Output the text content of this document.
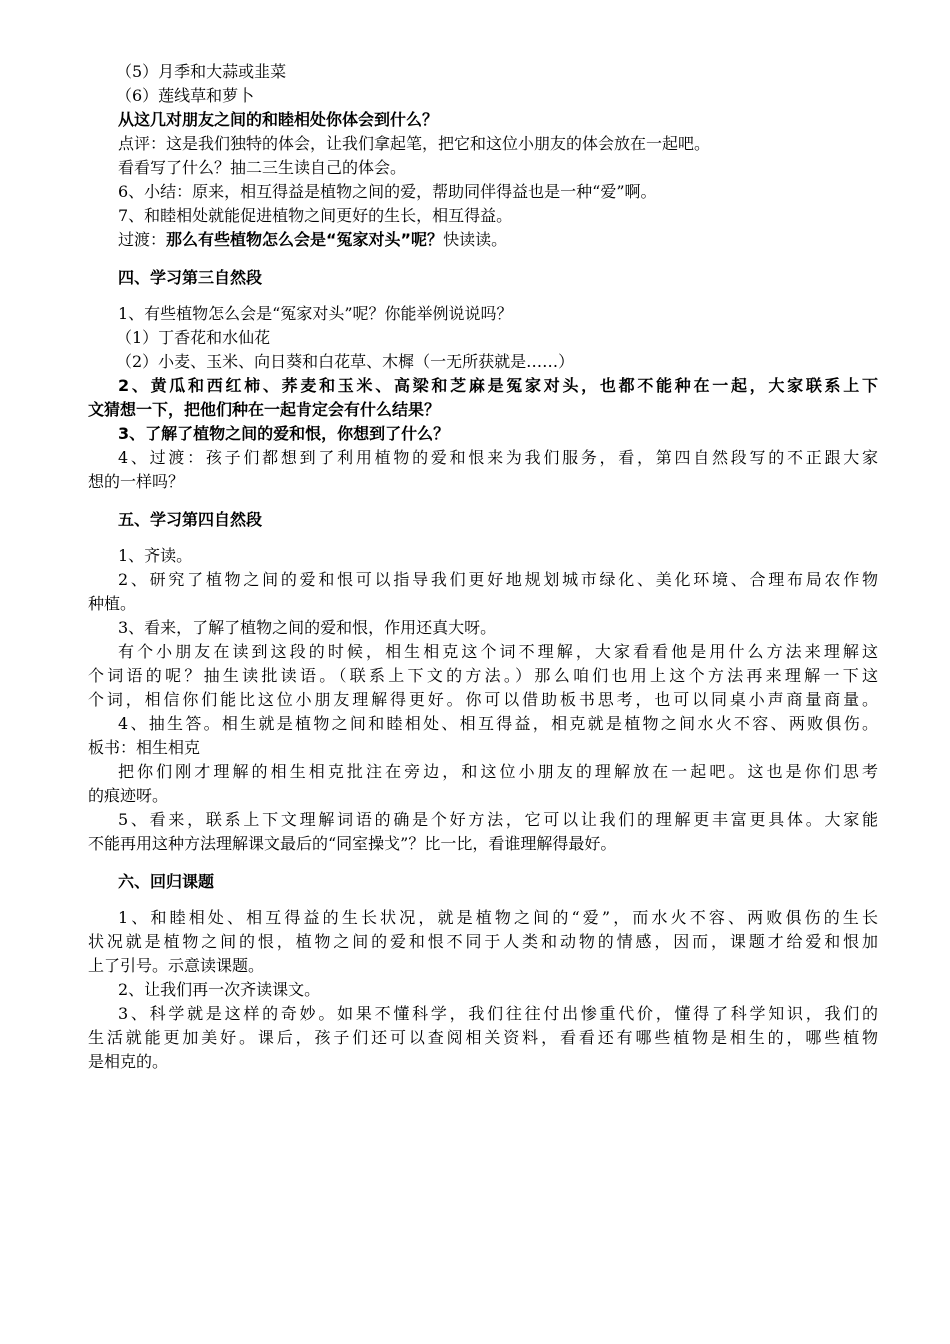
（5）月季和大蒜或韭菜

（6）莲线草和萝卜

从这几对朋友之间的和睦相处你体会到什么？

点评：这是我们独特的体会，让我们拿起笔，把它和这位小朋友的体会放在一起吧。

看看写了什么？抽二三生读自己的体会。

6、小结：原来，相互得益是植物之间的爱，帮助同伴得益也是一种“爱”啊。

7、和睦相处就能促进植物之间更好的生长，相互得益。

过渡：那么有些植物怎么会是“冤家对头”呢？快读读。

四、学习第三自然段

1、有些植物怎么会是“冤家对头”呢？你能举例说说吗？

（1）丁香花和水仙花

（2）小麦、玉米、向日葵和白花草、木樨（一无所获就是……）

2、黄瓜和西红柿、荞麦和玉米、高梁和芝麻是冤家对头，也都不能种在一起，大家联系上下

文猜想一下，把他们种在一起肯定会有什么结果？

3、了解了植物之间的爱和恨，你想到了什么？

4、过渡：孩子们都想到了利用植物的爱和恨来为我们服务，看，第四自然段写的不正跟大家

想的一样吗？

五、学习第四自然段

1、齐读。

2、研究了植物之间的爱和恨可以指导我们更好地规划城市绿化、美化环境、合理布局农作物

种植。

3、看来，了解了植物之间的爱和恨，作用还真大呀。

有个小朋友在读到这段的时候，相生相克这个词不理解，大家看看他是用什么方法来理解这

个词语的呢？抽生读批读语。（联系上下文的方法。）那么咱们也用上这个方法再来理解一下这

个词，相信你们能比这位小朋友理解得更好。你可以借助板书思考，也可以同桌小声商量商量。

4、抽生答。相生就是植物之间和睦相处、相互得益，相克就是植物之间水火不容、两败俱伤。

板书：相生相克

把你们刚才理解的相生相克批注在旁边，和这位小朋友的理解放在一起吧。这也是你们思考

的痕迹呀。

5、看来，联系上下文理解词语的确是个好方法，它可以让我们的理解更丰富更具体。大家能

不能再用这种方法理解课文最后的“同室操戈”？比一比，看谁理解得最好。

六、回归课题

1、和睦相处、相互得益的生长状况，就是植物之间的“爱”，而水火不容、两败俱伤的生长

状况就是植物之间的恨，植物之间的爱和恨不同于人类和动物的情感，因而，课题才给爱和恨加

上了引号。示意读课题。

2、让我们再一次齐读课文。

3、科学就是这样的奇妙。如果不懂科学，我们往往付出惨重代价，懂得了科学知识，我们的

生活就能更加美好。课后，孩子们还可以查阅相关资料，看看还有哪些植物是相生的，哪些植物

是相克的。
